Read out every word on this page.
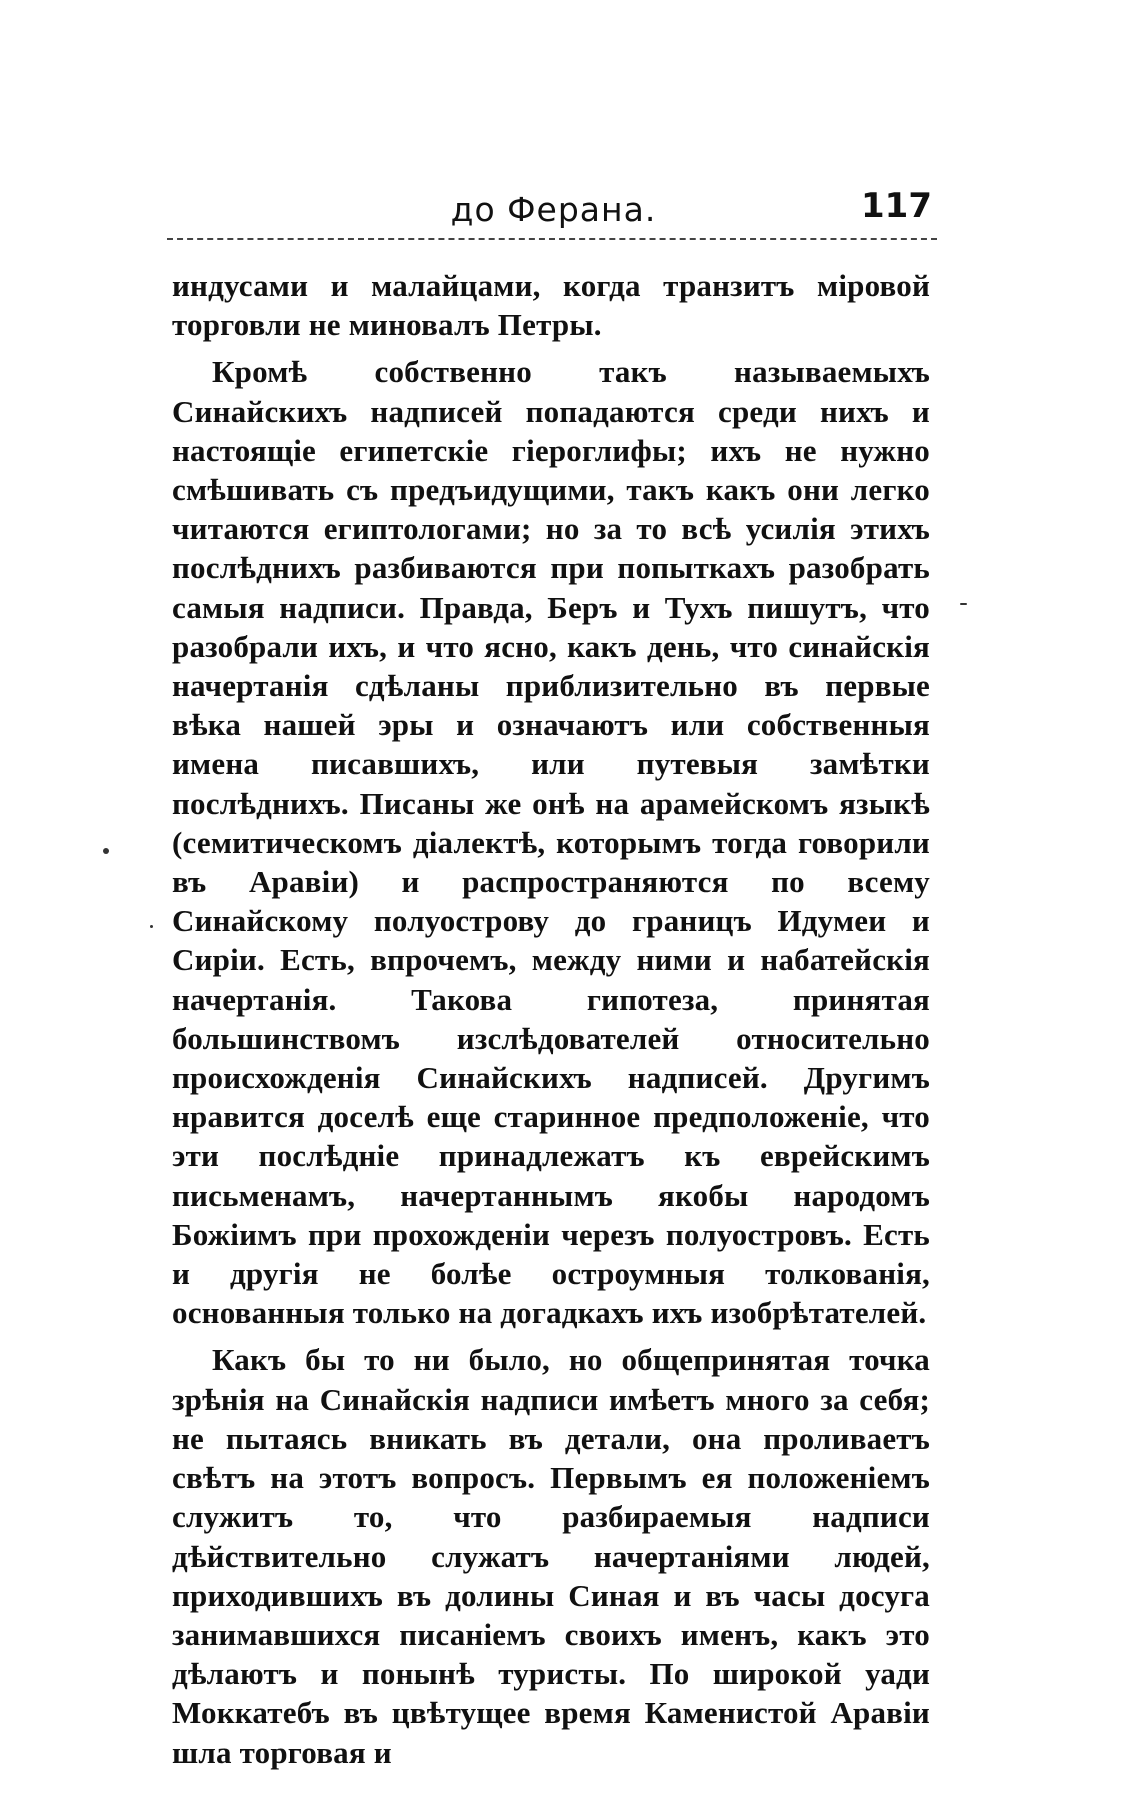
до Ферана.	117

индусами и малайцами, когда транзитъ міровой торговли не миновалъ Петры.

Кромѣ собственно такъ называемыхъ Синайскихъ надписей попадаются среди нихъ и настоящіе египетскіе гіероглифы; ихъ не нужно смѣшивать съ предъидущими, такъ какъ они легко читаются египтологами; но за то всѣ усилія этихъ послѣднихъ разбиваются при попыткахъ разобрать самыя надписи. Правда, Беръ и Тухъ пишутъ, что разобрали ихъ, и что ясно, какъ день, что синайскія начертанія сдѣланы приблизительно въ первые вѣка нашей эры и означаютъ или собственныя имена писавшихъ, или путевыя замѣтки послѣднихъ. Писаны же онѣ на арамейскомъ языкѣ (семитическомъ діалектѣ, которымъ тогда говорили въ Аравіи) и распространяются по всему Синайскому полуострову до границъ Идумеи и Сиріи. Есть, впрочемъ, между ними и набатейскія начертанія. Такова гипотеза, принятая большинствомъ изслѣдователей относительно происхожденія Синайскихъ надписей. Другимъ нравится доселѣ еще старинное предположеніе, что эти послѣдніе принадлежатъ къ еврейскимъ письменамъ, начертаннымъ якобы народомъ Божіимъ при прохожденіи черезъ полуостровъ. Есть и другія не болѣе остроумныя толкованія, основанныя только на догадкахъ ихъ изобрѣтателей.

Какъ бы то ни было, но общепринятая точка зрѣнія на Синайскія надписи имѣетъ много за себя; не пытаясь вникать въ детали, она проливаетъ свѣтъ на этотъ вопросъ. Первымъ ея положеніемъ служитъ то, что разбираемыя надписи дѣйствительно служатъ начертаніями людей, приходившихъ въ долины Синая и въ часы досуга занимавшихся писаніемъ своихъ именъ, какъ это дѣлаютъ и понынѣ туристы. По широкой уади Моккатебъ въ цвѣтущее время Каменистой Аравіи шла торговая и
